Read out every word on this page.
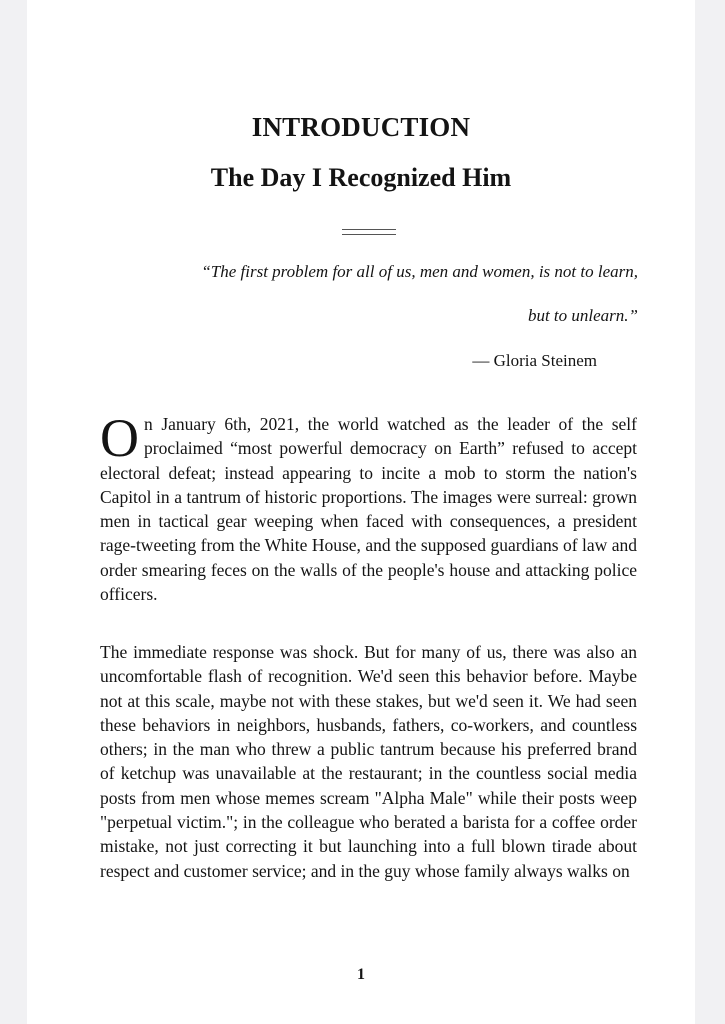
INTRODUCTION
The Day I Recognized Him

“The first problem for all of us, men and women, is not to learn,

but to unlearn.”

— Gloria Steinem

On January 6th, 2021, the world watched as the leader of the self proclaimed “most powerful democracy on Earth” refused to accept electoral defeat; instead appearing to incite a mob to storm the nation's Capitol in a tantrum of historic proportions. The images were surreal: grown men in tactical gear weeping when faced with consequences, a president rage-tweeting from the White House, and the supposed guardians of law and order smearing feces on the walls of the people's house and attacking police officers.

The immediate response was shock. But for many of us, there was also an uncomfortable flash of recognition. We'd seen this behavior before. Maybe not at this scale, maybe not with these stakes, but we'd seen it. We had seen these behaviors in neighbors, husbands, fathers, co-workers, and countless others; in the man who threw a public tantrum because his preferred brand of ketchup was unavailable at the restaurant; in the countless social media posts from men whose memes scream "Alpha Male" while their posts weep "perpetual victim."; in the colleague who berated a barista for a coffee order mistake, not just correcting it but launching into a full blown tirade about respect and customer service; and in the guy whose family always walks on

1
